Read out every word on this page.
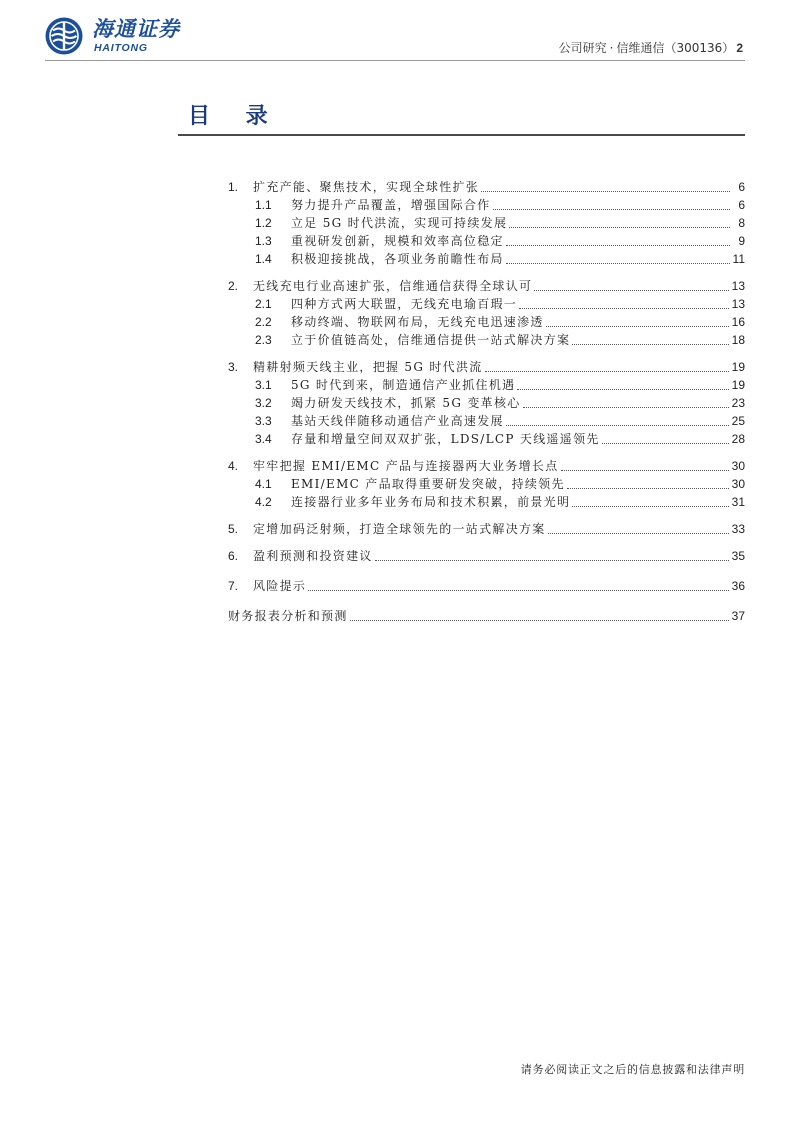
海通证券
HAITONG	公司研究 · 信维通信（300136） 2
目 录
1.	扩充产能、聚焦技术，实现全球性扩张	6
1.1	努力提升产品覆盖，增强国际合作	6
1.2	立足 5G 时代洪流，实现可持续发展	8
1.3	重视研发创新，规模和效率高位稳定	9
1.4	积极迎接挑战，各项业务前瞻性布局	11
2.	无线充电行业高速扩张，信维通信获得全球认可	13
2.1	四种方式两大联盟，无线充电瑜百瑕一	13
2.2	移动终端、物联网布局，无线充电迅速渗透	16
2.3	立于价值链高处，信维通信提供一站式解决方案	18
3.	精耕射频天线主业，把握 5G 时代洪流	19
3.1	5G 时代到来，制造通信产业抓住机遇	19
3.2	竭力研发天线技术，抓紧 5G 变革核心	23
3.3	基站天线伴随移动通信产业高速发展	25
3.4	存量和增量空间双双扩张，LDS/LCP 天线遥遥领先	28
4.	牢牢把握 EMI/EMC 产品与连接器两大业务增长点	30
4.1	EMI/EMC 产品取得重要研发突破，持续领先	30
4.2	连接器行业多年业务布局和技术积累，前景光明	31
5.	定增加码泛射频，打造全球领先的一站式解决方案	33
6.	盈利预测和投资建议	35
7.	风险提示	36
财务报表分析和预测	37
请务必阅读正文之后的信息披露和法律声明
